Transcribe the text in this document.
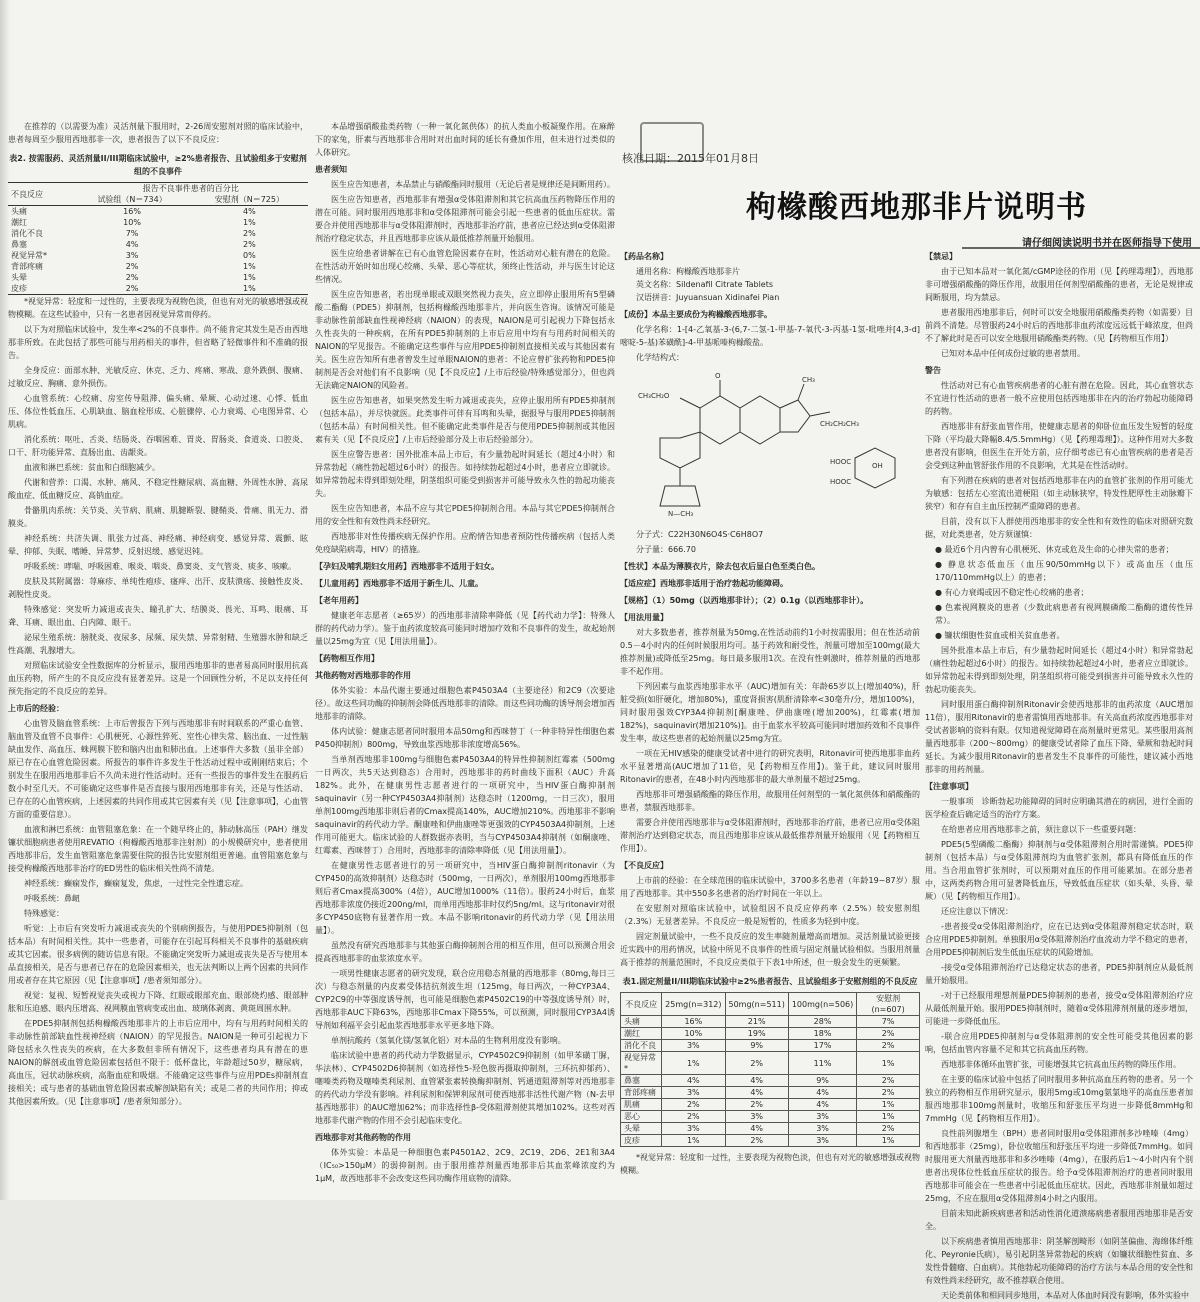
在推荐的（以需要为准）灵活剂量下服用时，2-26周安慰剂对照的临床试验中，患者每周至少服用西地那非一次，患者报告了以下不良反应：

表2. 按需服药、灵活剂量II/III期临床试验中，≥2%患者报告、且试验组多于安慰剂组的不良事件
不良反应	报告不良事件患者的百分比	
	试验组（N＝734）	安慰剂（N＝725）
头痛	16%	4%
潮红	10%	1%
消化不良	7%	2%
鼻塞	4%	2%
视觉异常*	3%	0%
背部疼痛	2%	1%
头晕	2%	1%
皮疹	2%	1%

*视觉异常：轻度和一过性的，主要表现为视物色淡，但也有对光的敏感增强或视物模糊。在这些试验中，只有一名患者因视觉异常而停药。

以下为对照临床试验中，发生率<2%的不良事件。尚不能肯定其发生是否由西地那非所致。在此包括了那些可能与用药相关的事件，但省略了轻微事件和不准确的报告。

全身反应：面部水肿、光敏反应、休克、乏力、疼痛、寒战、意外跌倒、腹痛、过敏反应、胸痛、意外损伤。

心血管系统：心绞痛、房室传导阻滞、偏头痛、晕厥、心动过速、心悸、低血压、体位性低血压、心肌缺血、脑血栓形成、心脏骤停、心力衰竭、心电图异常、心肌病。

消化系统：呕吐、舌炎、结肠炎、吞咽困难、胃炎、胃肠炎、食道炎、口腔炎、口干、肝功能异常、直肠出血、齿龈炎。

血液和淋巴系统：贫血和白细胞减少。

代谢和营养：口渴、水肿、痛风、不稳定性糖尿病、高血糖、外周性水肿、高尿酸血症、低血糖反应、高钠血症。

骨骼肌肉系统：关节炎、关节病、肌痛、肌腱断裂、腱鞘炎、骨痛、肌无力、滑膜炎。

神经系统：共济失调、肌张力过高、神经痛、神经病变、感觉异常、震颤、眩晕、抑郁、失眠、嗜睡、异常梦、反射迟缓、感觉迟钝。

呼吸系统：哮喘、呼吸困难、喉炎、咽炎、鼻窦炎、支气管炎、痰多、咳嗽。

皮肤及其附属器：荨麻疹、单纯性疱疹、瘙痒、出汗、皮肤溃疡、接触性皮炎、剥脱性皮炎。

特殊感觉：突发听力减退或丧失、瞳孔扩大、结膜炎、畏光、耳鸣、眼痛、耳聋、耳痛、眼出血、白内障、眼干。

泌尿生殖系统：膀胱炎、夜尿多、尿频、尿失禁、异常射精、生殖器水肿和缺乏性高潮、乳腺增大。

对照临床试验安全性数据库的分析显示，服用西地那非的患者易高同时服用抗高血压药物，所产生的不良反应没有显著差异。这是一个回顾性分析，不足以支持任何预先指定的不良反应的差异。

上市后的经验：

心血管及脑血管系统：上市后曾报告下列与西地那非有时间联系的严重心血管、脑血管及血管不良事件：心肌梗死、心源性猝死、室性心律失常、脑出血、一过性脑缺血发作、高血压、蛛网膜下腔和脑内出血和肺出血。上述事件大多数（虽非全部）原已存在心血管危险因素。所报告的事件许多发生于性活动过程中或刚刚结束后；个别发生在服用西地那非后不久尚未进行性活动时。还有一些报告的事件发生在服药后数小时至几天。不可能确定这些事件是否直接与服用西地那非有关，还是与性活动、已存在的心血管疾病，上述因素的共同作用或其它因素有关（见【注意事项】，心血管方面的重要信息）。

血液和淋巴系统：血管阻塞危象：在一个随早终止的，肺动脉高压（PAH）继发镰状细胞病患者使用REVATIO（枸橼酸西地那非注射剂）的小规模研究中，患者使用西地那非后，发生血管阻塞危象需要住院的报告比安慰剂组更普遍。血管阻塞危象与接受枸橼酸西地那非治疗的ED男性的临床相关性尚不清楚。

神经系统：癫痫发作，癫痫复发，焦虑，一过性完全性遗忘症。

呼吸系统：鼻衄

特殊感觉：

听觉：上市后有突发听力减退或丧失的个别病例报告，与使用PDE5抑制剂（包括本品）有时间相关性。其中一些患者，可能存在引起耳科相关不良事件的基础疾病或其它因素。很多病例的随访信息有限。不能确定突发听力减退或丧失是否与使用本品直接相关，是否与患者已存在的危险因素相关，也无法判断以上两个因素的共同作用或者存在其它原因（见【注意事项】/患者须知部分）。

视觉：复视、短暂视觉丧失或视力下降、红眼或眼部充血、眼部烧灼感、眼部肿胀和压迫感、眼内压增高、视网膜血管病变或出血、玻璃体剥离、黄斑周围水肿。

在PDE5抑制剂包括枸橼酸西地那非片的上市后应用中，均有与用药时间相关的非动脉性前部缺血性视神经病（NAION）的罕见报告。NAION是一种可引起视力下降包括永久性丧失的疾病，在大多数但非所有情况下，这些患者均具有潜在的患NAION的解剖或血管危险因素包括但不限于：低杯盘比，年龄超过50岁，糖尿病，高血压，冠状动脉疾病，高脂血症和吸烟。不能确定这些事件与应用PDEs抑制剂直接相关；或与患者的基础血管危险因素或解剖缺陷有关；或是二者的共同作用；抑或其他因素所致。（见【注意事项】/患者须知部分）。

本品增强硝酸盐类药物（一种一氧化氮供体）的抗人类血小板凝聚作用。在麻醉下的家兔，肝素与西地那非合用时对出血时间的延长有叠加作用，但未进行过类似的人体研究。

患者须知

医生应告知患者，本品禁止与硝酸酯同时服用（无论后者是规律还是间断用药）。

医生应告知患者，西地那非有增强α受体阻滞剂和其它抗高血压药物降压作用的潜在可能。同时服用西地那非和α受体阻滞剂可能会引起一些患者的低血压症状。需要合并使用西地那非与α受体阻滞剂时，西地那非治疗前，患者应已经达到α受体阻滞剂治疗稳定状态，并且西地那非应该从最低推荐剂量开始服用。

医生应给患者讲解在已有心血管危险因素存在时，性活动对心脏有潜在的危险。在性活动开始时如出现心绞痛、头晕、恶心等症状，须终止性活动，并与医生讨论这些情况。

医生应告知患者，若出现单眼或双眼突然视力丧失，应立即停止服用所有5型磷酸二酯酶（PDE5）抑制剂，包括枸橼酸西地那非片，并向医生咨询。该情况可能是非动脉性前部缺血性视神经病（NAION）的表现，NAION是可引起视力下降包括永久性丧失的一种疾病，在所有PDE5抑制剂的上市后应用中均有与用药时间相关的NAION的罕见报告。不能确定这些事件与应用PDE5抑制剂直接相关或与其他因素有关。医生应告知所有患者曾发生过单眼NAION的患者：不论应曾扩张药物和PDE5抑制剂是否会对他们有不良影响（见【不良反应】/上市后经验/特殊感觉部分），但也尚无法确定NAION的风险者。

医生应告知患者，如果突然发生听力减退或丧失，应停止服用所有PDE5抑制剂（包括本品），并尽快就医。此类事件可伴有耳鸣和头晕，据报导与服用PDE5抑制剂（包括本品）有时间相关性。但不能确定此类事件是否与使用PDE5抑制剂或其他因素有关（见【不良反应】/上市后经验部分及上市后经验部分）。

医生应警告患者：国外批准本品上市后，有少量勃起时间延长（超过4小时）和异常勃起（痛性勃起超过6小时）的报告。如持续勃起超过4小时，患者应立即就诊。如异常勃起未得到即刻处理，阴茎组织可能受到损害并可能导致永久性的勃起功能丧失。

医生应告知患者，本品不应与其它PDE5抑制剂合用。本品与其它PDE5抑制剂合用的安全性和有效性尚未经研究。

西地那非对性传播疾病无保护作用。应酌情告知患者预防性传播疾病（包括人类免疫缺陷病毒，HIV）的措施。

【孕妇及哺乳期妇女用药】西地那非不适用于妇女。
【儿童用药】西地那非不适用于新生儿、儿童。
【老年用药】

健康老年志愿者（≥65岁）的西地那非清除率降低（见【药代动力学】：特殊人群的药代动力学）。鉴于血药浓度较高可能同时增加疗效和不良事件的发生，故起始剂量以25mg为宜（见【用法用量】）。

【药物相互作用】
其他药物对西地那非的作用

体外实验：本品代谢主要通过细胞色素P4503A4（主要途径）和2C9（次要途径）。故这些同功酶的抑制剂会降低西地那非的清除。而这些同功酶的诱导剂会增加西地那非的清除。

体内试验：健康志愿者同时服用本品50mg和西咪替丁（一种非特异性细胞色素P450抑制剂）800mg，导致血浆西地那非浓度增高56%。

当单剂西地那非100mg与细胞色素P4503A4的特异性抑制剂红霉素（500mg一日两次，共5天达到稳态）合用时，西地那非的药时曲线下面积（AUC）升高182%。此外，在健康男性志愿者进行的一项研究中，当HIV蛋白酶抑制剂saquinavir（另一种CYP4503A4抑制剂）达稳态时（1200mg，一日三次），服用单剂100mg西地那非则后者的Cmax提高140%，AUC增加210%。西地那非不影响saquinavir的药代动力学。酮康唑和伊曲康唑等更强效的CYP4503A4抑制剂，上述作用可能更大。临床试验的人群数据亦表明，当与CYP4503A4抑制剂（如酮康唑、红霉素、西咪替丁）合用时，西地那非的清除率降低（见【用法用量】）。

在健康男性志愿者进行的另一项研究中，当HIV蛋白酶抑制剂ritonavir（为CYP450的高效抑制剂）达稳态时（500mg，一日两次），单剂服用100mg西地那非则后者Cmax提高300%（4倍），AUC增加1000%（11倍）。服药24小时后，血浆西地那非浓度仍接近200ng/ml，而单用西地那非时仅约5ng/ml。这与ritonavir对很多CYP450底物有显著作用一致。本品不影响ritonavir的药代动力学（见【用法用量】）。

虽然没有研究西地那非与其他蛋白酶抑制剂合用的相互作用，但可以预测合用会提高西地那非的血浆浓度水平。

一项男性健康志愿者的研究发现，联合应用稳态剂量的西地那非（80mg,每日三次）与稳态剂量的内皮素受体拮抗剂波生坦（125mg，每日两次，一种CYP3A4、CYP2C9的中等强度诱导剂，也可能是细胞色素P4502C19的中等强度诱导剂）时，西地那非AUC下降63%，西地那非Cmax下降55%，可以预测，同时服用CYP3A4诱导剂如利福平会引起血浆西地那非水平更多地下降。

单剂抗酸药（氢氧化镁/氢氧化铝）对本品的生物利用度没有影响。

临床试验中患者的药代动力学数据显示，CYP4502C9抑制剂（如甲苯磺丁脲，华法林）、CYP4502D6抑制剂（如选择性5-羟色胺再摄取抑制剂，三环抗抑郁药）、噻嗪类药物及噻嗪类利尿剂、血管紧张素转换酶抑制剂、钙通道阻滞剂等对西地那非的药代动力学没有影响。袢利尿剂和保钾利尿剂可使西地那非活性代谢产物（N-去甲基西地那非）的AUC增加62%；而非选择性β-受体阻滞剂使其增加102%。这些对西地那非代谢产物的作用不会引起临床变化。

西地那非对其他药物的作用

体外实验：本品是一种细胞色素P4501A2、2C9、2C19、2D6、2E1和3A4（IC₅₀>150μM）的弱抑制剂。由于服用推荐剂量西地那非后其血浆峰浓度约为1μM，故西地那非不会改变这些同功酶作用底物的清除。

核准日期：2015年01月8日
枸橼酸西地那非片说明书
请仔细阅读说明书并在医师指导下使用
【药品名称】
通用名称：枸橼酸西地那非片
英文名称：Sildenafil Citrate Tablets
汉语拼音：Juyuansuan Xidinafei Pian
【成份】本品主要成份为枸橼酸西地那非。

化学名称：1-[4-乙氧基-3-(6,7-二氢-1-甲基-7-氧代-3-丙基-1氢-吡唑并[4,3-d]嘧啶-5-基)苯磺酰]-4-甲基哌嗪枸橼酸盐。

化学结构式：
O
CH₃CH₂O
CH₃
CH₂CH₂CH₃
N—CH₃
HOOC
HOOC
OH
分子式：C22H30N6O4S·C6H8O7
分子量：666.70
【性状】本品为薄膜衣片，除去包衣后显白色至类白色。
【适应症】西地那非适用于治疗勃起功能障碍。
【规格】（1）50mg（以西地那非计）；（2）0.1g（以西地那非计）。
【用法用量】

对大多数患者，推荐剂量为50mg,在性活动前约1小时按需服用；但在性活动前0.5－4小时内的任何时候服用均可。基于药效和耐受性，剂量可增加至100mg(最大推荐剂量)或降低至25mg。每日最多服用1次。在没有性刺激时，推荐剂量的西地那非不起作用。

下列因素与血浆西地那非水平（AUC)增加有关：年龄65岁以上(增加40%)，肝脏受损(如肝硬化，增加80%)，重度肾损害(肌酐清除率<30毫升/分，增加100%)，同时服用强效CYP3A4抑制剂[酮康唑、伊曲康唑(增加200%)，红霉素(增加182%)，saquinavir(增加210%)]。由于血浆水平较高可能同时增加药效和不良事件发生率，故这些患者的起始剂量以25mg为宜。

一项在无HIV感染的健康受试者中进行的研究表明，Ritonavir可使西地那非血药水平显著增高(AUC增加了11倍，见【药物相互作用】)。鉴于此，建议同时服用Ritonavir的患者，在48小时内西地那非的最大单剂量不超过25mg。

西地那非可增强硝酸酯的降压作用，故服用任何剂型的一氧化氮供体和硝酸酯的患者，禁服西地那非。

需要合并使用西地那非与α受体阻滞剂时，西地那非治疗前，患者已应用α受体阻滞剂治疗达到稳定状态，而且西地那非应该从最低推荐剂量开始服用（见【药物相互作用】）。

【不良反应】

上市前的经验：在全球范围的临床试验中，3700多名患者（年龄19~87岁）服用了西地那非。其中550多名患者的治疗时间在一年以上。

在安慰剂对照临床试验中，试验组因不良反应停药率（2.5%）较安慰剂组（2.3%）无显著差异。不良反应一般是短暂的，性质多为轻到中度。

固定剂量试验中，一些不良反应的发生率随剂量增高而增加。灵活剂量试验更接近实践中的用药情况，试验中所见不良事件的性质与固定剂量试验相似。当服用剂量高于推荐的剂量范围时，不良反应类似于下表1中所述，但一般会发生的更频繁。

表1.固定剂量II/III期临床试验中≥2%患者报告、且试验组多于安慰剂组的不良反应
不良反应	25mg(n=312)	50mg(n=511)	100mg(n=506)	安慰剂(n=607)
头痛	16%	21%	28%	7%
潮红	10%	19%	18%	2%
消化不良	3%	9%	17%	2%
视觉异常*	1%	2%	11%	1%
鼻塞	4%	4%	9%	2%
背部疼痛	3%	4%	4%	2%
肌痛	2%	2%	4%	1%
恶心	2%	3%	3%	1%
头晕	3%	4%	3%	2%
皮疹	1%	2%	3%	1%

*视觉异常：轻度和一过性，主要表现为视物色淡，但也有对光的敏感增强或视物模糊。

【禁忌】

由于已知本品对一氧化氮/cGMP途径的作用（见【药理毒理】），西地那非可增强硝酸酯的降压作用，故服用任何剂型硝酸酯的患者，无论是规律或间断服用，均为禁忌。

患者服用西地那非后，何时可以安全地服用硝酸酯类药物（如需要）目前尚不清楚。尽管服药24小时后的西地那非血药浓度远远低于峰浓度，但尚不了解此时是否可以安全地服用硝酸酯类药物。（见【药物相互作用】）

已知对本品中任何成份过敏的患者禁用。

警告

性活动对已有心血管疾病患者的心脏有潜在危险。因此，其心血管状态不宜进行性活动的患者一般不应使用包括西地那非在内的治疗勃起功能障碍的药物。

西地那非有舒张血管作用，使健康志愿者的仰卧位血压发生短暂的轻度下降（平均最大降幅8.4/5.5mmHg）（见【药理毒理】）。这种作用对大多数患者没有影响，但医生在开处方前，应仔细考虑已有心血管疾病的患者是否会受到这种血管舒张作用的不良影响，尤其是在性活动时。

有下列潜在疾病的患者对包括西地那非在内的血管扩张剂的作用可能尤为敏感：包括左心室流出道梗阻（如主动脉狭窄，特发性肥厚性主动脉瓣下狭窄）和存有自主血压控制严重障碍的患者。

目前，没有以下人群使用西地那非的安全性和有效性的临床对照研究数据，对此类患者，处方须谨慎：

● 最近6个月内曾有心肌梗死、休克或危及生命的心律失常的患者；

● 静息状态低血压（血压90/50mmHg以下）或高血压（血压170/110mmHg以上）的患者；

● 有心力衰竭或因不稳定性心绞痛的患者；

● 色素视网膜炎的患者（少数此病患者有视网膜磷酸二酯酶的遗传性异常）。

● 镰状细胞性贫血或相关贫血患者。

国外批准本品上市后，有少量勃起时间延长（超过4小时）和异常勃起（痛性勃起超过6小时）的报告。如持续勃起超过4小时，患者应立即就诊。如异常勃起未得到即刻处理，阴茎组织将可能受到损害并可能导致永久性的勃起功能丧失。

同时服用蛋白酶抑制剂Ritonavir会使西地那非的血药浓度（AUC增加11倍），服用Ritonavir的患者需慎用西地那非。有关高血药浓度西地那非对受试者影响的资料有限。仅知道视觉障碍在高剂量时更常见。某些服用高剂量西地那非（200～800mg）的健康受试者除了血压下降、晕厥和勃起时间延长。为减少服用Ritonavir的患者发生不良事件的可能性，建议减小西地那非的用药剂量。

【注意事项】

一般事项　诊断勃起功能障碍的同时应明确其潜在的病因，进行全面的医学检查后确定适当的治疗方案。

在给患者应用西地那非之前，须注意以下一些重要问题：

PDE5(5型磷酸二酯酶）抑制剂与α受体阻滞剂合用时需谨慎。PDE5抑制剂（包括本品）与α受体阻滞剂均为血管扩张剂，都具有降低血压的作用。当合用血管扩张剂时，可以预期对血压的作用可能累加。在部分患者中，这两类药物合用可显著降低血压，导致低血压症状（如头晕、头昏、晕厥）（见【药物相互作用】）。

还应注意以下情况：

-患者接受α受体阻滞剂治疗，应在已达到α受体阻滞剂稳定状态时，联合应用PDE5抑制剂。单独服用α受体阻滞剂治疗血流动力学不稳定的患者，合用PDE5抑制剂后发生低血压症状的风险增加。

-接受α受体阻滞剂治疗已达稳定状态的患者，PDE5抑制剂应从最低剂量开始服用。

-对于已经服用理想剂量PDE5抑制剂的患者，接受α受体阻滞剂治疗应从最低剂量开始。服用PDE5抑制剂时，随着α受体阻滞剂剂量的逐步增加，可能进一步降低血压。

-联合应用PDE5抑制剂与α受体阻滞剂的安全性可能受其他因素的影响，包括血管内容量不足和其它抗高血压药物。

西地那非体循环血管扩张，可能增强其它抗高血压药物的降压作用。

在主要的临床试验中包括了同时服用多种抗高血压药物的患者。另一个独立的药物相互作用研究显示，服用5mg或10mg氨氯地平的高血压患者加服西地那非100mg剂量时，收缩压和舒张压平均进一步降低8mmHg和7mmHg（见【药物相互作用】）。

良性前列腺增生（BPH）患者同时服用α受体阻滞剂多沙唑嗪（4mg）和西地那非（25mg），卧位收缩压和舒张压平均进一步降低7mmHg。如同时服用更大剂量西地那非和多沙唑嗪（4mg），在服药后1～4小时内有个别患者出现体位性低血压症状的报告。给予α受体阻滞剂治疗的患者同时服用西地那非可能会在一些患者中引起低血压症状。因此，西地那非剂量如超过25mg，不应在服用α受体阻滞剂4小时之内服用。

目前未知此新疾病患者和活动性消化道溃疡病患者服用西地那非是否安全。

以下疾病患者慎用西地那非：阴茎解剖畸形（如阴茎偏曲、海绵体纤维化、Peyronie氏病），易引起阴茎异常勃起的疾病（如镰状细胞性贫血、多发性骨髓瘤、白血病）。其他勃起功能障碍的治疗方法与本品合用的安全性和有效性尚未经研究，故不推荐联合使用。

天论类前体和相同同步地用，本品对人体血时间没有影响，体外实验中
